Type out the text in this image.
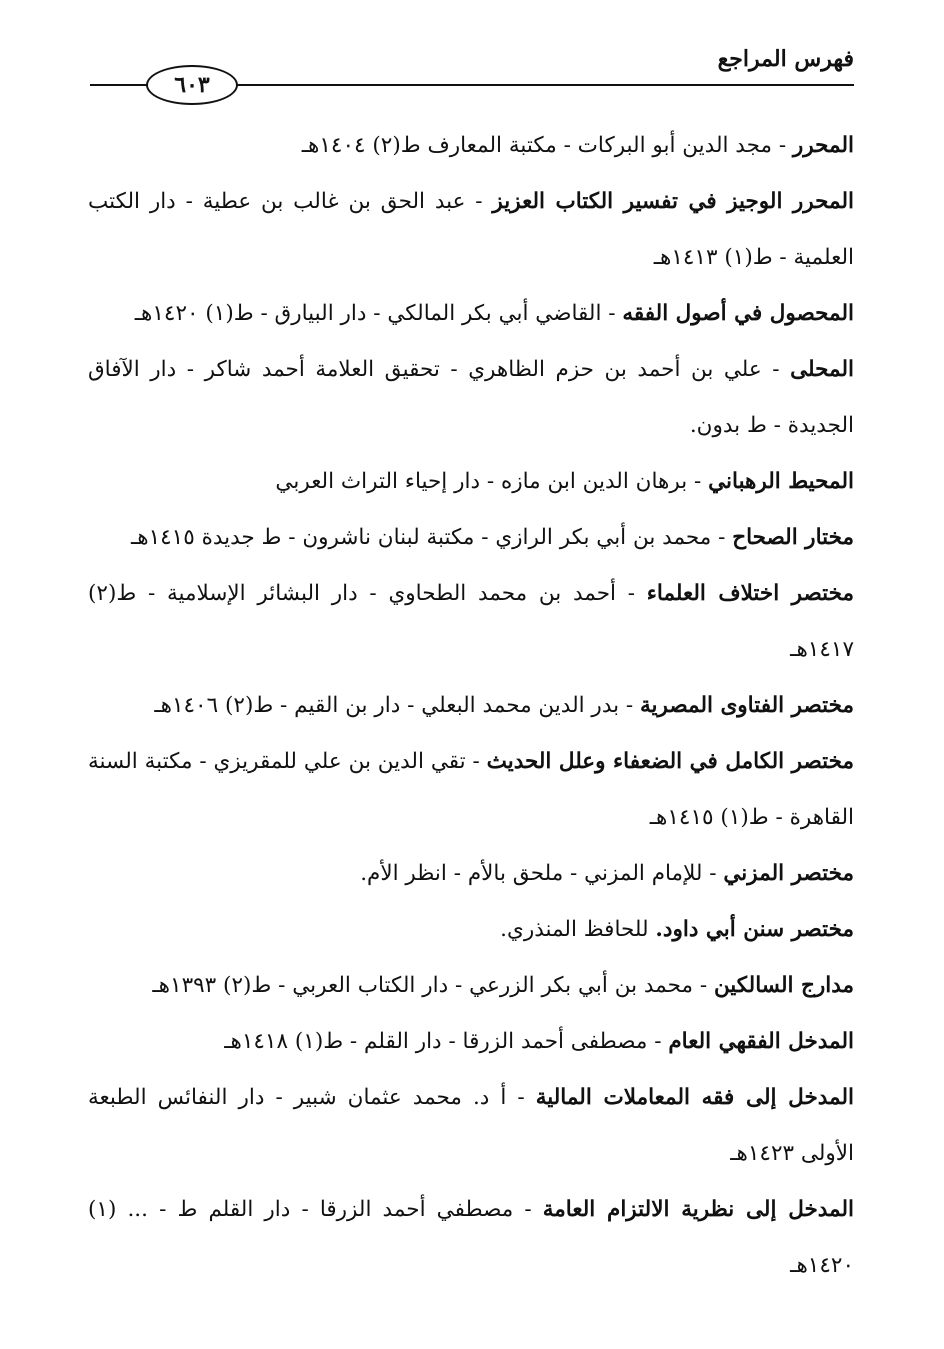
فهرس المراجع
٦٠٣

المحرر - مجد الدين أبو البركات - مكتبة المعارف ط(٢) ١٤٠٤هـ

المحرر الوجيز في تفسير الكتاب العزيز - عبد الحق بن غالب بن عطية - دار الكتب العلمية - ط(١) ١٤١٣هـ

المحصول في أصول الفقه - القاضي أبي بكر المالكي - دار البيارق - ط(١) ١٤٢٠هـ

المحلى - علي بن أحمد بن حزم الظاهري - تحقيق العلامة أحمد شاكر - دار الآفاق الجديدة - ط بدون.

المحيط الرهباني - برهان الدين ابن مازه - دار إحياء التراث العربي

مختار الصحاح - محمد بن أبي بكر الرازي - مكتبة لبنان ناشرون - ط جديدة ١٤١٥هـ

مختصر اختلاف العلماء - أحمد بن محمد الطحاوي - دار البشائر الإسلامية - ط(٢) ١٤١٧هـ

مختصر الفتاوى المصرية - بدر الدين محمد البعلي - دار بن القيم - ط(٢) ١٤٠٦هـ

مختصر الكامل في الضعفاء وعلل الحديث - تقي الدين بن علي للمقريزي - مكتبة السنة القاهرة - ط(١) ١٤١٥هـ

مختصر المزني - للإمام المزني - ملحق بالأم - انظر الأم.

مختصر سنن أبي داود. للحافظ المنذري.

مدارج السالكين - محمد بن أبي بكر الزرعي - دار الكتاب العربي - ط(٢) ١٣٩٣هـ

المدخل الفقهي العام - مصطفى أحمد الزرقا - دار القلم - ط(١) ١٤١٨هـ

المدخل إلى فقه المعاملات المالية - أ د. محمد عثمان شبير - دار النفائس الطبعة الأولى ١٤٢٣هـ

المدخل إلى نظرية الالتزام العامة - مصطفي أحمد الزرقا - دار القلم ط - ... (١) ١٤٢٠هـ
